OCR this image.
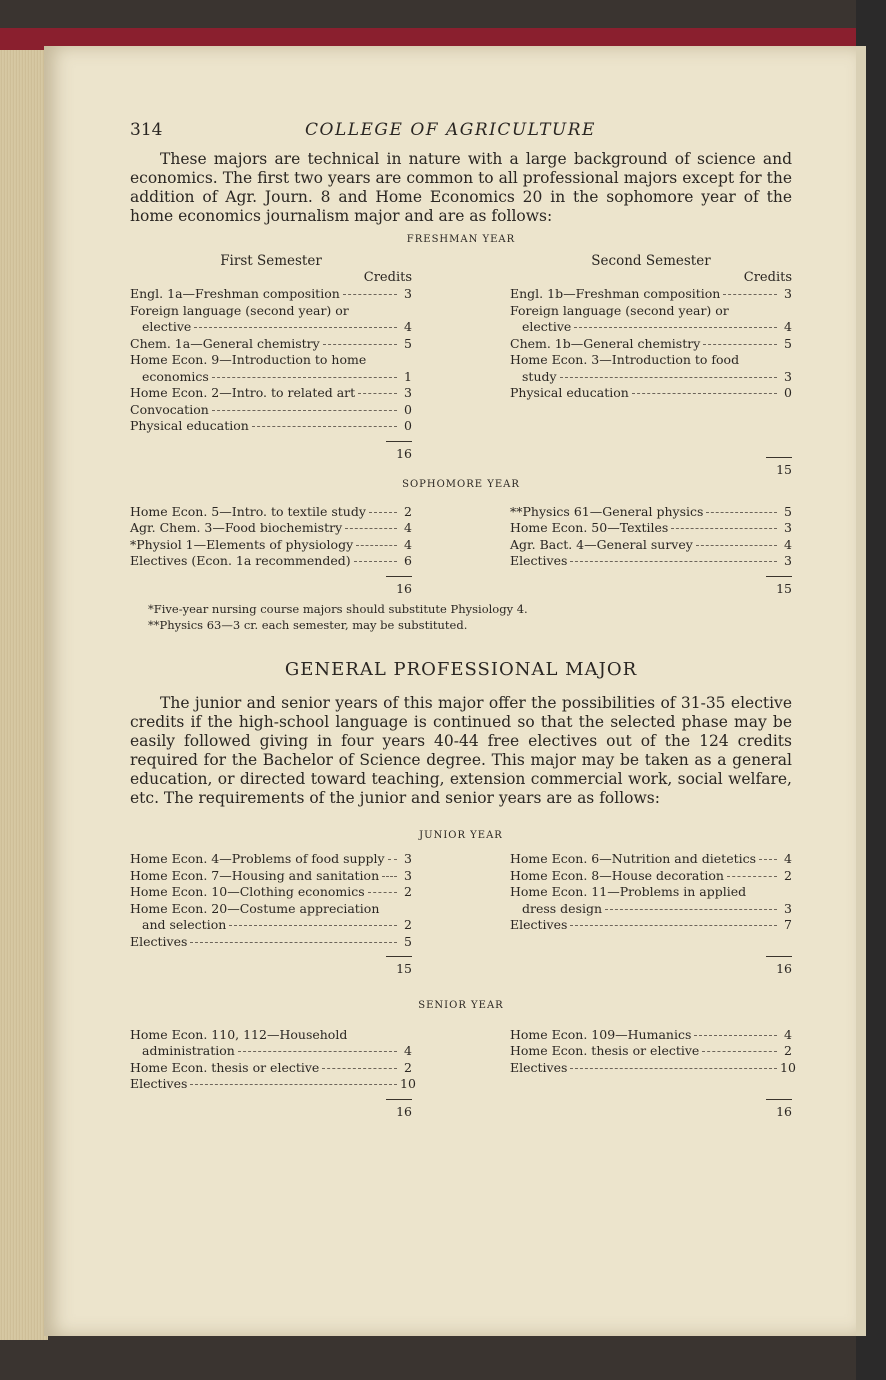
314	COLLEGE OF AGRICULTURE

These majors are technical in nature with a large background of science and economics. The first two years are common to all professional majors except for the addition of Agr. Journ. 8 and Home Economics 20 in the sophomore year of the home economics journalism major and are as follows:

FRESHMAN YEAR
First Semester
Credits
Engl. 1a—Freshman composition	3
Foreign language (second year) or
elective	4
Chem. 1a—General chemistry	5
Home Econ. 9—Introduction to home
economics	1
Home Econ. 2—Intro. to related art	3
Convocation	0
Physical education	0
16
Second Semester
Credits
Engl. 1b—Freshman composition	3
Foreign language (second year) or
elective	4
Chem. 1b—General chemistry	5
Home Econ. 3—Introduction to food
study	3
Physical education	0
15
SOPHOMORE YEAR
Home Econ. 5—Intro. to textile study	2
Agr. Chem. 3—Food biochemistry	4
*Physiol 1—Elements of physiology	4
Electives (Econ. 1a recommended)	6
16
**Physics 61—General physics	5
Home Econ. 50—Textiles	3
Agr. Bact. 4—General survey	4
Electives	3
15
*Five-year nursing course majors should substitute Physiology 4.
**Physics 63—3 cr. each semester, may be substituted.
GENERAL PROFESSIONAL MAJOR

The junior and senior years of this major offer the possibilities of 31-35 elective credits if the high-school language is continued so that the selected phase may be easily followed giving in four years 40-44 free electives out of the 124 credits required for the Bachelor of Science degree. This major may be taken as a general education, or directed toward teaching, extension commercial work, social welfare, etc. The requirements of the junior and senior years are as follows:

JUNIOR YEAR
Home Econ. 4—Problems of food supply	3
Home Econ. 7—Housing and sanitation	3
Home Econ. 10—Clothing economics	2
Home Econ. 20—Costume appreciation
and selection	2
Electives	5
15
Home Econ. 6—Nutrition and dietetics	4
Home Econ. 8—House decoration	2
Home Econ. 11—Problems in applied
dress design	3
Electives	7
16
SENIOR YEAR
Home Econ. 110, 112—Household
administration	4
Home Econ. thesis or elective	2
Electives	10
16
Home Econ. 109—Humanics	4
Home Econ. thesis or elective	2
Electives	10
16
